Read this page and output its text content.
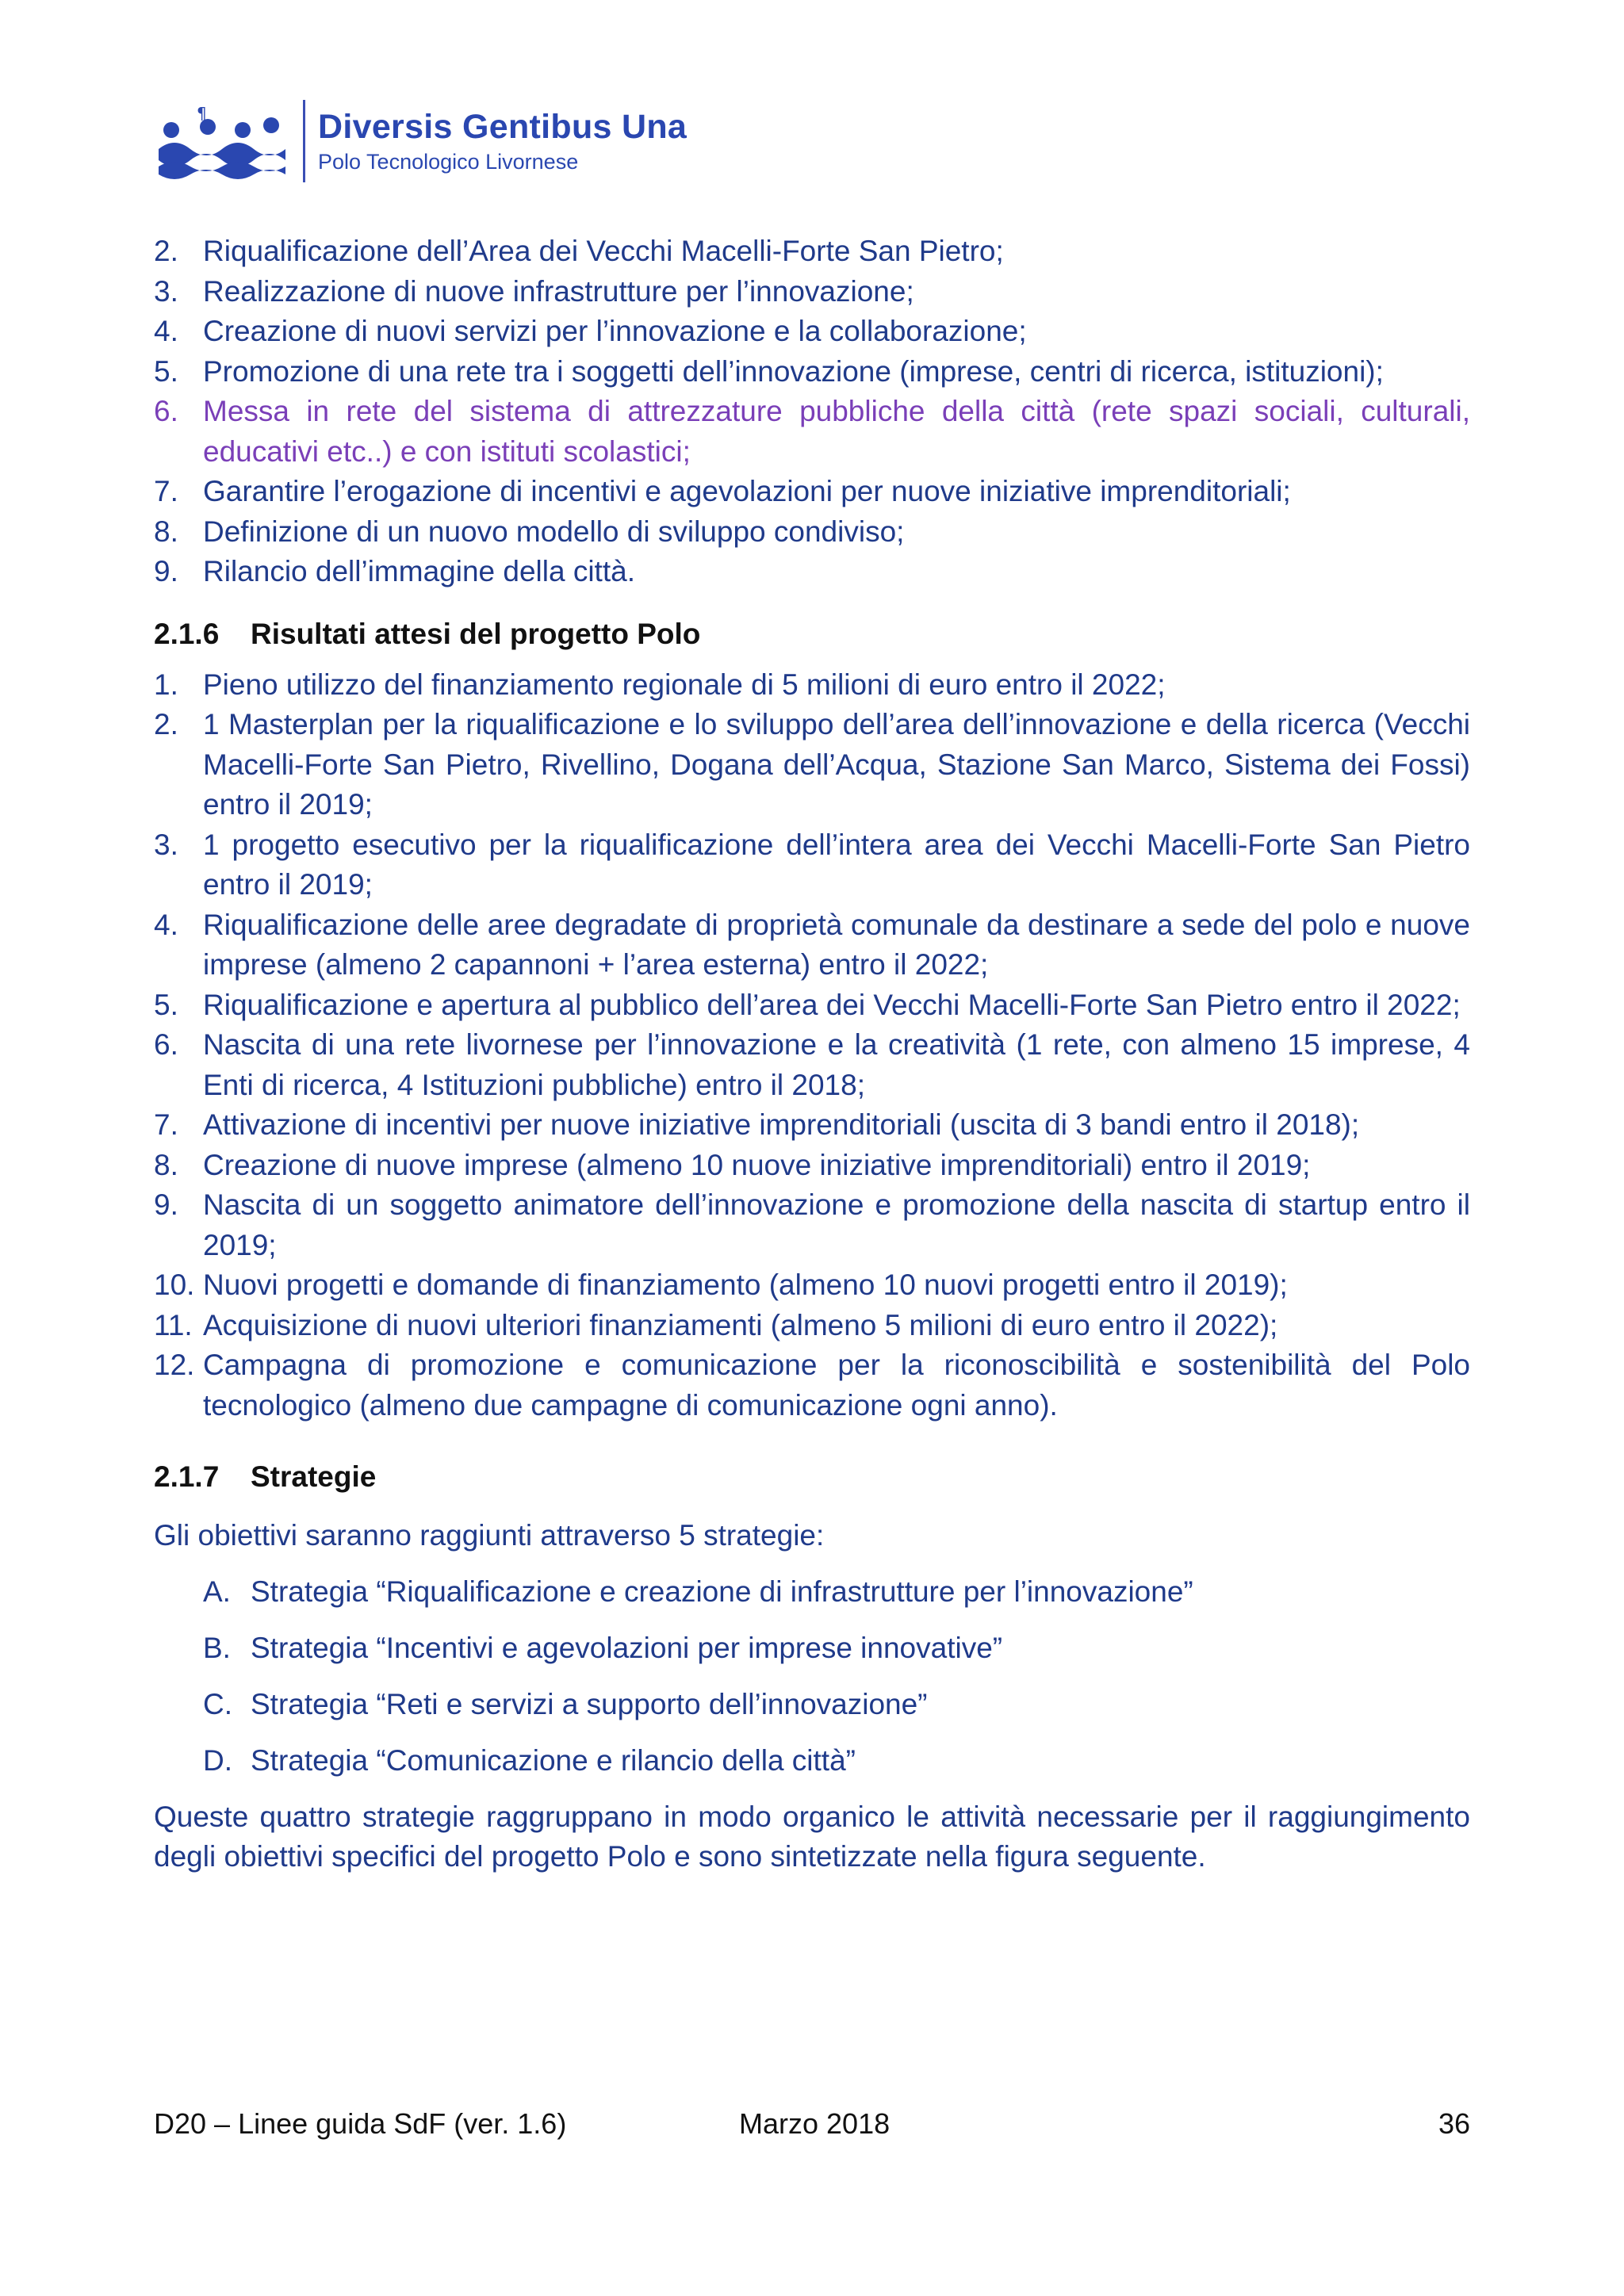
¶	Diversis Gentibus Una
Polo Tecnologico Livornese
2. Riqualificazione dell’Area dei Vecchi Macelli-Forte San Pietro;
3. Realizzazione di nuove infrastrutture per l’innovazione;
4. Creazione di nuovi servizi per l’innovazione e la collaborazione;
5. Promozione di una rete tra i soggetti dell’innovazione (imprese, centri di ricerca, istituzioni);
6. Messa in rete del sistema di attrezzature pubbliche della città (rete spazi sociali, culturali, educativi etc..) e con istituti scolastici;
7. Garantire l’erogazione di incentivi e agevolazioni per nuove iniziative imprenditoriali;
8. Definizione di un nuovo modello di sviluppo condiviso;
9. Rilancio dell’immagine della città.
2.1.6 Risultati attesi del progetto Polo
1. Pieno utilizzo del finanziamento regionale di 5 milioni di euro entro il 2022;
2. 1 Masterplan per la riqualificazione e lo sviluppo dell’area dell’innovazione e della ricerca (Vecchi Macelli-Forte San Pietro, Rivellino, Dogana dell’Acqua, Stazione San Marco, Sistema dei Fossi) entro il 2019;
3. 1 progetto esecutivo per la riqualificazione dell’intera area dei Vecchi Macelli-Forte San Pietro entro il 2019;
4. Riqualificazione delle aree degradate di proprietà comunale da destinare a sede del polo e nuove imprese (almeno 2 capannoni + l’area esterna) entro il 2022;
5. Riqualificazione e apertura al pubblico dell’area dei Vecchi Macelli-Forte San Pietro entro il 2022;
6. Nascita di una rete livornese per l’innovazione e la creatività (1 rete, con almeno 15 imprese, 4 Enti di ricerca, 4 Istituzioni pubbliche) entro il 2018;
7. Attivazione di incentivi per nuove iniziative imprenditoriali (uscita di 3 bandi entro il 2018);
8. Creazione di nuove imprese (almeno 10 nuove iniziative imprenditoriali) entro il 2019;
9. Nascita di un soggetto animatore dell’innovazione e promozione della nascita di startup entro il 2019;
10. Nuovi progetti e domande di finanziamento (almeno 10 nuovi progetti entro il 2019);
11. Acquisizione di nuovi ulteriori finanziamenti (almeno 5 milioni di euro entro il 2022);
12. Campagna di promozione e comunicazione per la riconoscibilità e sostenibilità del Polo tecnologico (almeno due campagne di comunicazione ogni anno).
2.1.7 Strategie

Gli obiettivi saranno raggiunti attraverso 5 strategie:

A. Strategia “Riqualificazione e creazione di infrastrutture per l’innovazione”
B. Strategia “Incentivi e agevolazioni per imprese innovative”
C. Strategia “Reti e servizi a supporto dell’innovazione”
D. Strategia “Comunicazione e rilancio della città”

Queste quattro strategie raggruppano in modo organico le attività necessarie per il raggiungimento degli obiettivi specifici del progetto Polo e sono sintetizzate nella figura seguente.

D20 – Linee guida SdF (ver. 1.6)	Marzo 2018	36
